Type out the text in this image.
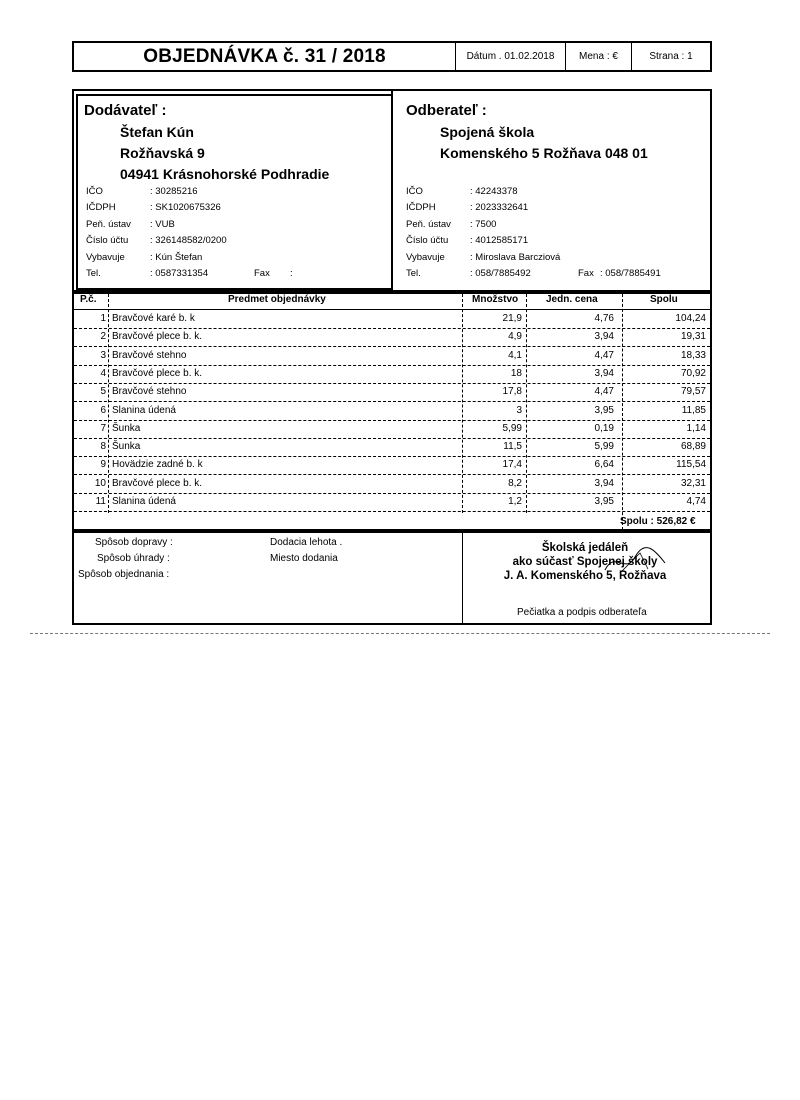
OBJEDNÁVKA č. 31 / 2018	Dátum . 01.02.2018	Mena : €	Strana : 1
Dodávateľ :
Štefan Kún
Rožňavská 9
04941 Krásnohorské Podhradie
IČO	: 30285216
IČDPH	: SK1020675326
Peň. ústav : VUB
Číslo účtu : 326148582/0200
Vybavuje	: Kún Štefan
Tel.	: 0587331354	Fax :
Odberateľ :
Spojená škola
Komenského 5 Rožňava 048 01
IČO	: 42243378
IČDPH	: 2023332641
Peň. ústav : 7500
Číslo účtu : 4012585171
Vybavuje	: Miroslava Barcziová
Tel.	: 058/7885492	Fax : 058/7885491
P.č.	Predmet objednávky	Množstvo	Jedn. cena	Spolu
1 Bravčové karé b. k	21,9	4,76	104,24
2 Bravčové plece b. k.	4,9	3,94	19,31
3 Bravčové stehno	4,1	4,47	18,33
4 Bravčové plece b. k.	18	3,94	70,92
5 Bravčové stehno	17,8	4,47	79,57
6 Slanina údená	3	3,95	11,85
7 Šunka	5,99	0,19	1,14
8 Šunka	11,5	5,99	68,89
9 Hovädzie zadné b. k	17,4	6,64	115,54
10 Bravčové plece b. k.	8,2	3,94	32,31
11 Slanina údená	1,2	3,95	4,74
Spolu : 526,82 €
Spôsob dopravy :
Spôsob úhrady :
Spôsob objednania :
Dodacia lehota .
Miesto dodania
Školská jedáleň
ako súčasť Spojenej školy
J. A. Komenského 5, Rožňava
Pečiatka a podpis odberateľa
